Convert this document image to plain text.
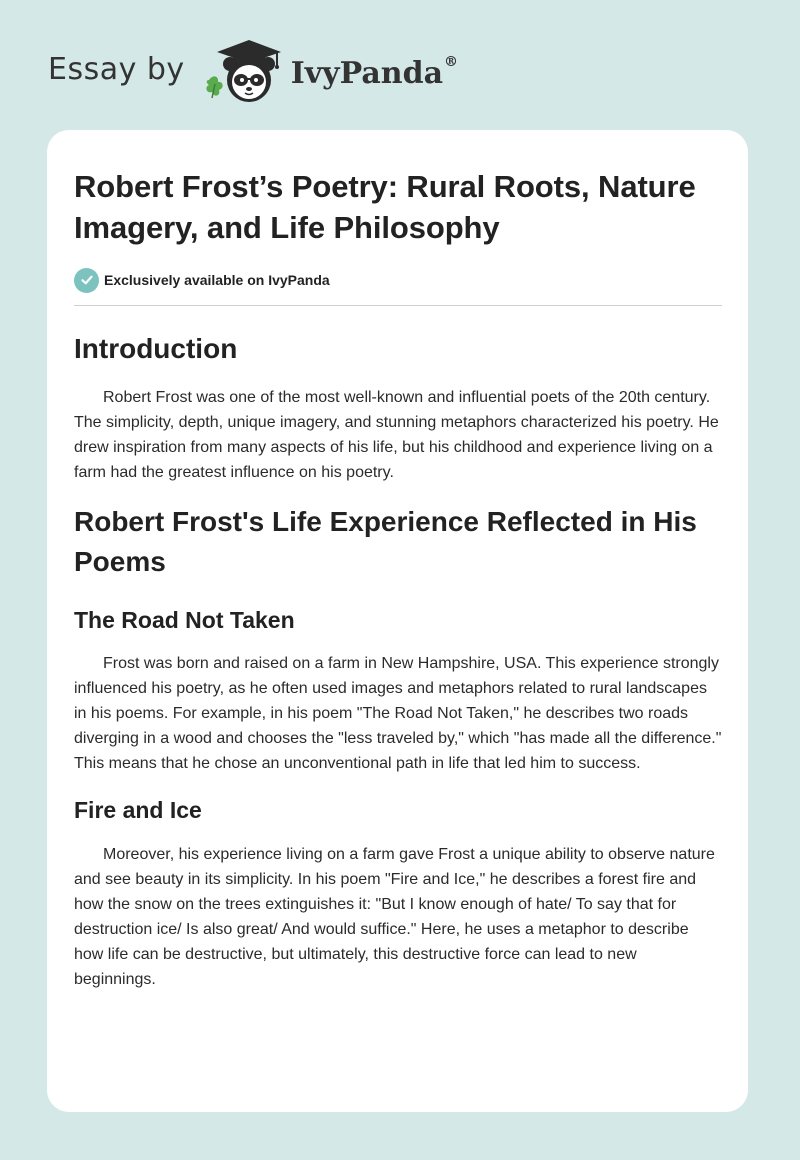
Essay by	IvyPanda®
Robert Frost’s Poetry: Rural Roots, Nature Imagery, and Life Philosophy
Exclusively available on IvyPanda
Introduction

Robert Frost was one of the most well-known and influential poets of the 20th century. The simplicity, depth, unique imagery, and stunning metaphors characterized his poetry. He drew inspiration from many aspects of his life, but his childhood and experience living on a farm had the greatest influence on his poetry.

Robert Frost's Life Experience Reflected in His Poems
The Road Not Taken

Frost was born and raised on a farm in New Hampshire, USA. This experience strongly influenced his poetry, as he often used images and metaphors related to rural landscapes in his poems. For example, in his poem "The Road Not Taken," he describes two roads diverging in a wood and chooses the "less traveled by," which "has made all the difference." This means that he chose an unconventional path in life that led him to success.

Fire and Ice

Moreover, his experience living on a farm gave Frost a unique ability to observe nature and see beauty in its simplicity. In his poem "Fire and Ice," he describes a forest fire and how the snow on the trees extinguishes it: "But I know enough of hate/ To say that for destruction ice/ Is also great/ And would suffice." Here, he uses a metaphor to describe how life can be destructive, but ultimately, this destructive force can lead to new beginnings.
